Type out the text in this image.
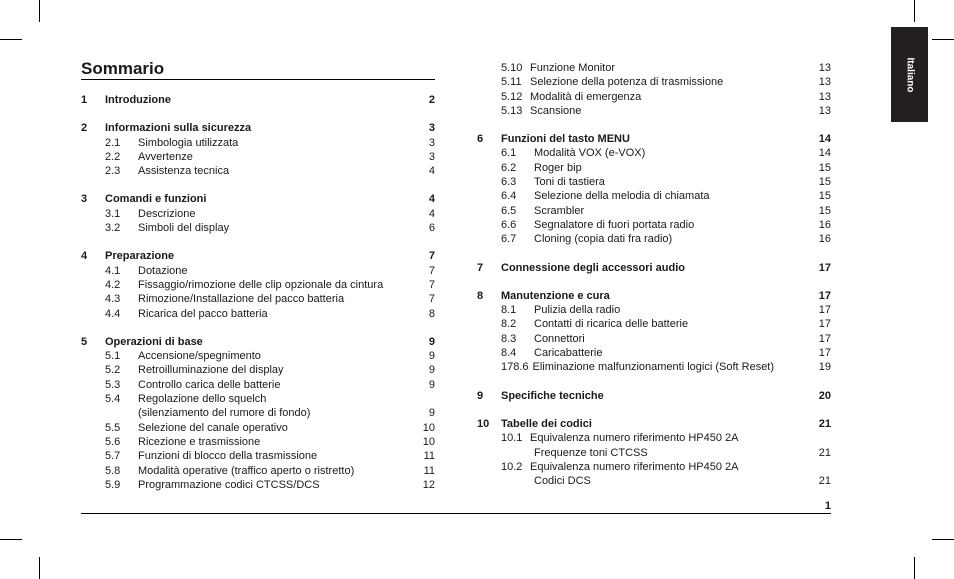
Italiano
Sommario
1	Introduzione	2
2	Informazioni sulla sicurezza	3
2.1	Simbologia utilizzata	3
2.2	Avvertenze	3
2.3	Assistenza tecnica	4
3	Comandi e funzioni	4
3.1	Descrizione	4
3.2	Simboli del display	6
4	Preparazione	7
4.1	Dotazione	7
4.2	Fissaggio/rimozione delle clip opzionale da cintura	7
4.3	Rimozione/Installazione del pacco batteria	7
4.4	Ricarica del pacco batteria	8
5	Operazioni di base	9
5.1	Accensione/spegnimento	9
5.2	Retroilluminazione del display	9
5.3	Controllo carica delle batterie	9
5.4	Regolazione dello squelch
(silenziamento del rumore di fondo)	9
5.5	Selezione del canale operativo	10
5.6	Ricezione e trasmissione	10
5.7	Funzioni di blocco della trasmissione	11
5.8	Modalità operative (traffico aperto o ristretto)	11
5.9	Programmazione codici CTCSS/DCS	12
5.10 Funzione Monitor	13
5.11 Selezione della potenza di trasmissione	13
5.12 Modalità di emergenza	13
5.13 Scansione	13
6	Funzioni del tasto MENU	14
6.1	Modalità VOX (e-VOX)	14
6.2	Roger bip	15
6.3	Toni di tastiera	15
6.4	Selezione della melodia di chiamata	15
6.5	Scrambler	15
6.6	Segnalatore di fuori portata radio	16
6.7	Cloning (copia dati fra radio)	16
7	Connessione degli accessori audio	17
8	Manutenzione e cura	17
8.1	Pulizia della radio	17
8.2	Contatti di ricarica delle batterie	17
8.3	Connettori	17
8.4	Caricabatterie	17
178.6 Eliminazione malfunzionamenti logici (Soft Reset)	19
9	Specifiche tecniche	20
10	Tabelle dei codici	21
10.1 Equivalenza numero riferimento HP450 2A
Frequenze toni CTCSS	21
10.2 Equivalenza numero riferimento HP450 2A
Codici DCS	21
1
